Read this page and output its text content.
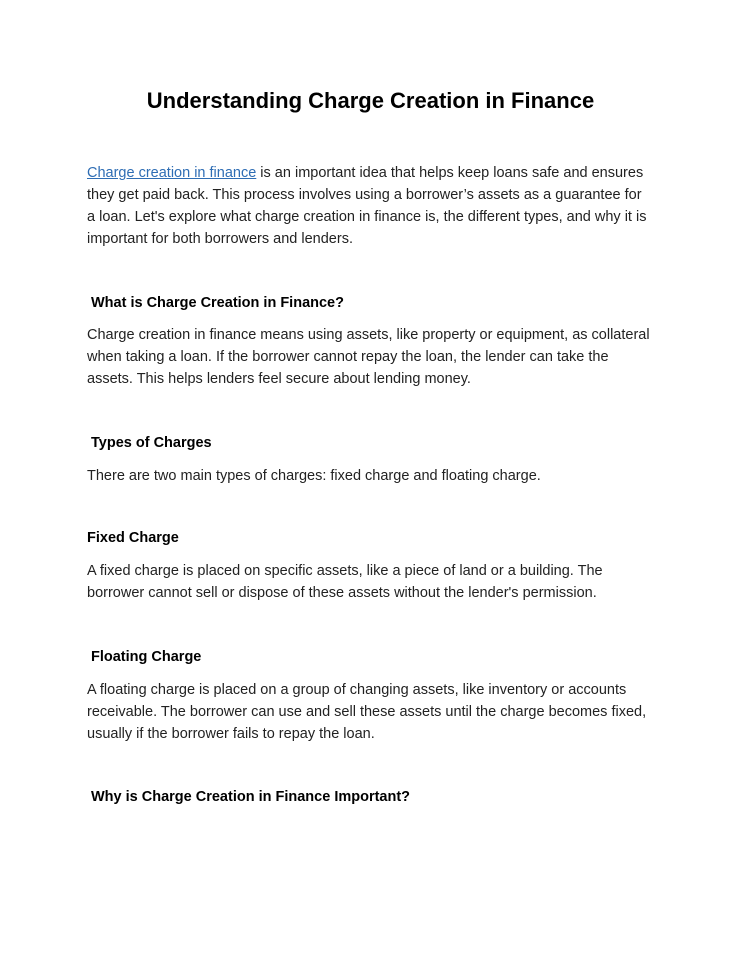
Understanding Charge Creation in Finance

Charge creation in finance is an important idea that helps keep loans safe and ensures they get paid back. This process involves using a borrower’s assets as a guarantee for a loan. Let's explore what charge creation in finance is, the different types, and why it is important for both borrowers and lenders.

What is Charge Creation in Finance?

Charge creation in finance means using assets, like property or equipment, as collateral when taking a loan. If the borrower cannot repay the loan, the lender can take the assets. This helps lenders feel secure about lending money.

Types of Charges

There are two main types of charges: fixed charge and floating charge.

Fixed Charge

A fixed charge is placed on specific assets, like a piece of land or a building. The borrower cannot sell or dispose of these assets without the lender's permission.

Floating Charge

A floating charge is placed on a group of changing assets, like inventory or accounts receivable. The borrower can use and sell these assets until the charge becomes fixed, usually if the borrower fails to repay the loan.

Why is Charge Creation in Finance Important?
